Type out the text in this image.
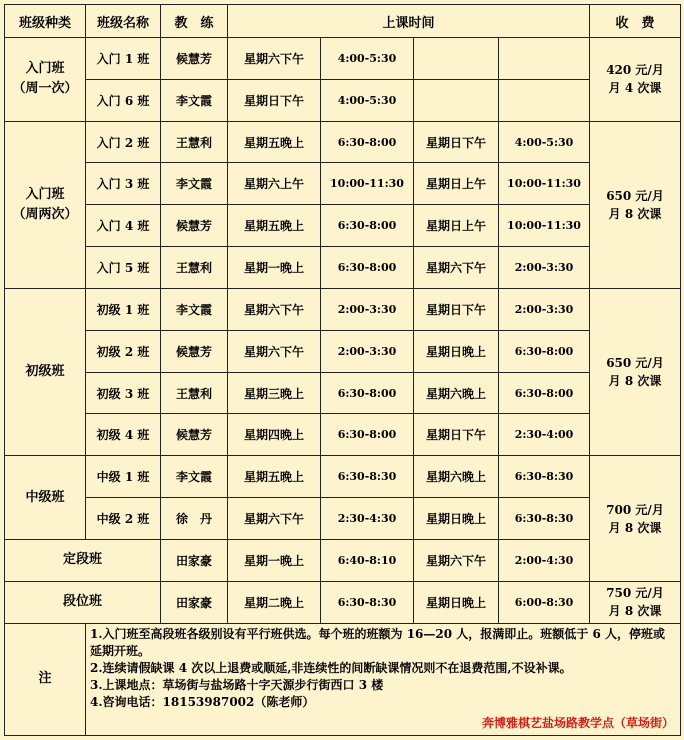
班级种类	班级名称	教　练	上课时间				收　费
入门班
（周一次）	入门 1 班	候慧芳	星期六下午	4:00-5:30			420 元/月
月 4 次课
	入门 6 班	李文霞	星期日下午	4:00-5:30			
入门班
（周两次）	入门 2 班	王慧利	星期五晚上	6:30-8:00	星期日下午	4:00-5:30	650 元/月
月 8 次课
	入门 3 班	李文霞	星期六上午	10:00-11:30	星期日上午	10:00-11:30	
	入门 4 班	候慧芳	星期五晚上	6:30-8:00	星期日上午	10:00-11:30	
	入门 5 班	王慧利	星期一晚上	6:30-8:00	星期六下午	2:00-3:30	
初级班	初级 1 班	李文霞	星期六下午	2:00-3:30	星期日下午	2:00-3:30	650 元/月
月 8 次课
	初级 2 班	候慧芳	星期六下午	2:00-3:30	星期日晚上	6:30-8:00	
	初级 3 班	王慧利	星期三晚上	6:30-8:00	星期六晚上	6:30-8:00	
	初级 4 班	候慧芳	星期四晚上	6:30-8:00	星期日下午	2:30-4:00	
中级班	中级 1 班	李文霞	星期五晚上	6:30-8:30	星期六晚上	6:30-8:30	700 元/月
月 8 次课
	中级 2 班	徐　丹	星期六下午	2:30-4:30	星期日晚上	6:30-8:30	
定段班		田家豪	星期一晚上	6:40-8:10	星期六下午	2:00-4:30	
段位班		田家豪	星期二晚上	6:30-8:30	星期日晚上	6:00-8:30	750 元/月
月 8 次课
注	1.入门班至高段班各级别设有平行班供选。每个班的班额为 16—20 人，报满即止。班额低于 6 人，停班或延期开班。
2.连续请假缺课 4 次以上退费或顺延,非连续性的间断缺课情况则不在退费范围,不设补课。
3.上课地点：草场街与盐场路十字天源步行街西口 3 楼
4.咨询电话：18153987002（陈老师）
奔博雅棋艺盐场路教学点（草场街）						
